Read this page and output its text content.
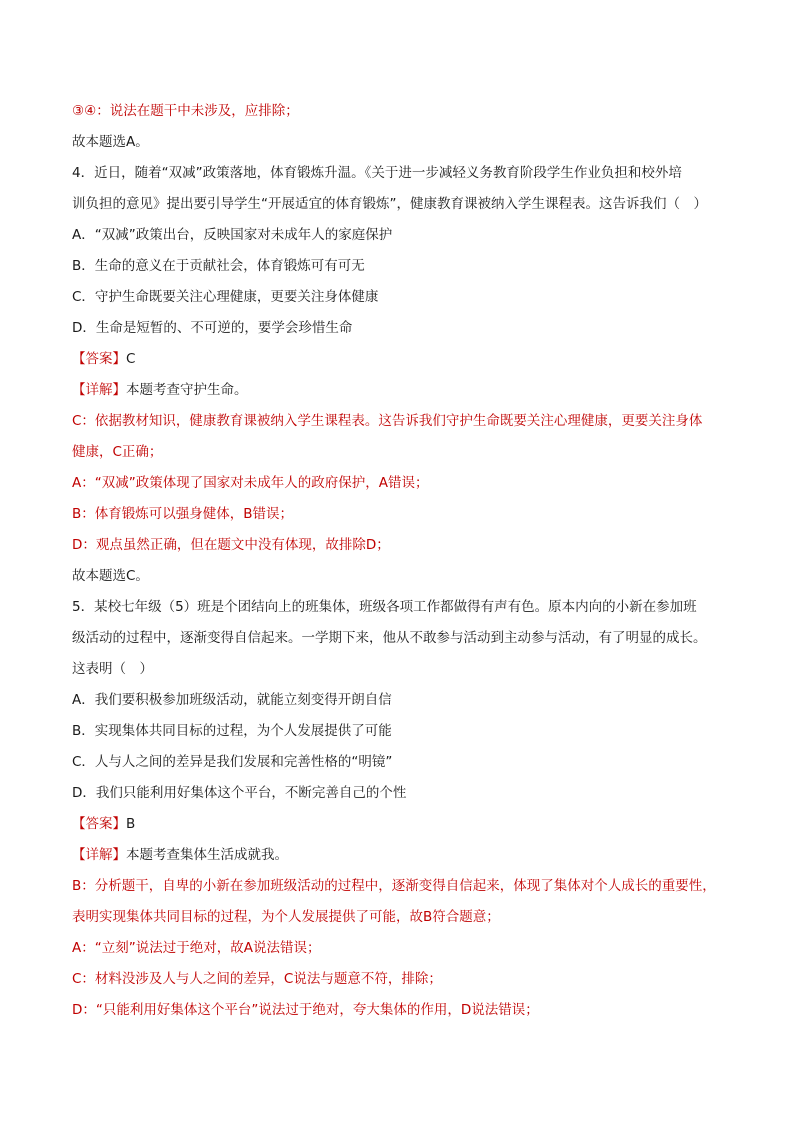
③④：说法在题干中未涉及，应排除；
故本题选A。
4．近日，随着“双减”政策落地，体育锻炼升温。《关于进一步减轻义务教育阶段学生作业负担和校外培
训负担的意见》提出要引导学生“开展适宜的体育锻炼”，健康教育课被纳入学生课程表。这告诉我们（　）
A．“双减”政策出台，反映国家对未成年人的家庭保护
B．生命的意义在于贡献社会，体育锻炼可有可无
C．守护生命既要关注心理健康，更要关注身体健康
D．生命是短暂的、不可逆的，要学会珍惜生命
【答案】C
【详解】本题考查守护生命。
C：依据教材知识，健康教育课被纳入学生课程表。这告诉我们守护生命既要关注心理健康，更要关注身体
健康，C正确；
A：“双减”政策体现了国家对未成年人的政府保护，A错误；
B：体育锻炼可以强身健体，B错误；
D：观点虽然正确，但在题文中没有体现，故排除D；
故本题选C。
5．某校七年级（5）班是个团结向上的班集体，班级各项工作都做得有声有色。原本内向的小新在参加班
级活动的过程中，逐渐变得自信起来。一学期下来，他从不敢参与活动到主动参与活动，有了明显的成长。
这表明（　）
A．我们要积极参加班级活动，就能立刻变得开朗自信
B．实现集体共同目标的过程，为个人发展提供了可能
C．人与人之间的差异是我们发展和完善性格的“明镜”
D．我们只能利用好集体这个平台，不断完善自己的个性
【答案】B
【详解】本题考查集体生活成就我。
B：分析题干，自卑的小新在参加班级活动的过程中，逐渐变得自信起来，体现了集体对个人成长的重要性，
表明实现集体共同目标的过程，为个人发展提供了可能，故B符合题意；
A：“立刻”说法过于绝对，故A说法错误；
C：材料没涉及人与人之间的差异，C说法与题意不符，排除；
D：“只能利用好集体这个平台”说法过于绝对，夸大集体的作用，D说法错误；
